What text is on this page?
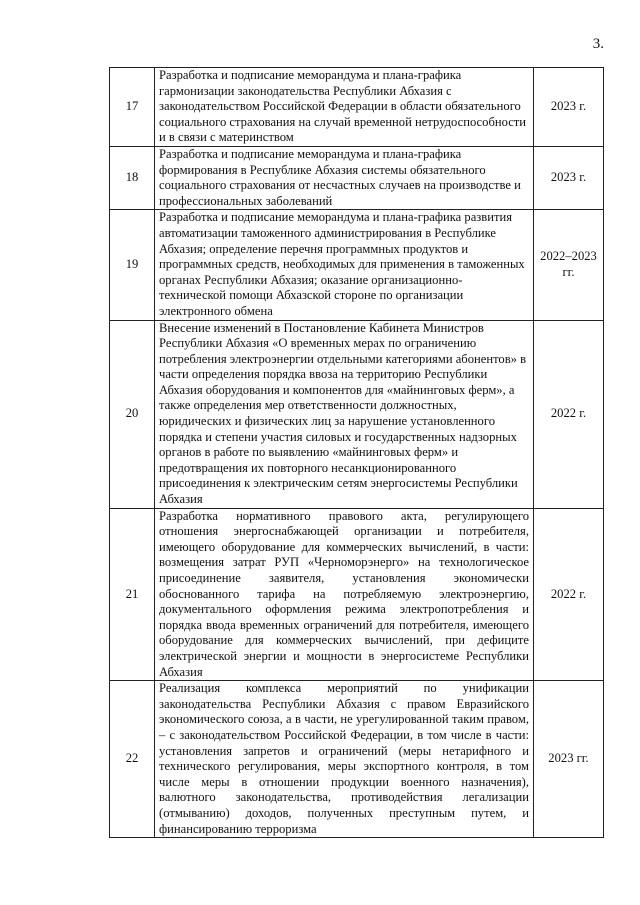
3.
17	Разработка и подписание меморандума и плана-графика гармонизации законодательства Республики Абхазия с законодательством Российской Федерации в области обязательного социального страхования на случай временной нетрудоспособности и в связи с материнством	2023 г.
18	Разработка и подписание меморандума и плана-графика формирования в Республике Абхазия системы обязательного социального страхования от несчастных случаев на производстве и профессиональных заболеваний	2023 г.
19	Разработка и подписание меморандума и плана-графика развития автоматизации таможенного администрирования в Республике Абхазия; определение перечня программных продуктов и программных средств, необходимых для применения в таможенных органах Республики Абхазия; оказание организационно-технической помощи Абхазской стороне по организации электронного обмена	2022–2023 гг.
20	Внесение изменений в Постановление Кабинета Министров Республики Абхазия «О временных мерах по ограничению потребления электроэнергии отдельными категориями абонентов» в части определения порядка ввоза на территорию Республики Абхазия оборудования и компонентов для «майнинговых ферм», а также определения мер ответственности должностных, юридических и физических лиц за нарушение установленного порядка и степени участия силовых и государственных надзорных органов в работе по выявлению «майнинговых ферм» и предотвращения их повторного несанкционированного присоединения к электрическим сетям энергосистемы Республики Абхазия	2022 г.
21	Разработка нормативного правового акта, регулирующего отношения энергоснабжающей организации и потребителя, имеющего оборудование для коммерческих вычислений, в части: возмещения затрат РУП «Черноморэнерго» на технологическое присоединение заявителя, установления экономически обоснованного тарифа на потребляемую электроэнергию, документального оформления режима электропотребления и порядка ввода временных ограничений для потребителя, имеющего оборудование для коммерческих вычислений, при дефиците электрической энергии и мощности в энергосистеме Республики Абхазия	2022 г.
22	Реализация комплекса мероприятий по унификации законодательства Республики Абхазия с правом Евразийского экономического союза, а в части, не урегулированной таким правом, – с законодательством Российской Федерации, в том числе в части: установления запретов и ограничений (меры нетарифного и технического регулирования, меры экспортного контроля, в том числе меры в отношении продукции военного назначения), валютного законодательства, противодействия легализации (отмыванию) доходов, полученных преступным путем, и финансированию терроризма	2023 гг.
